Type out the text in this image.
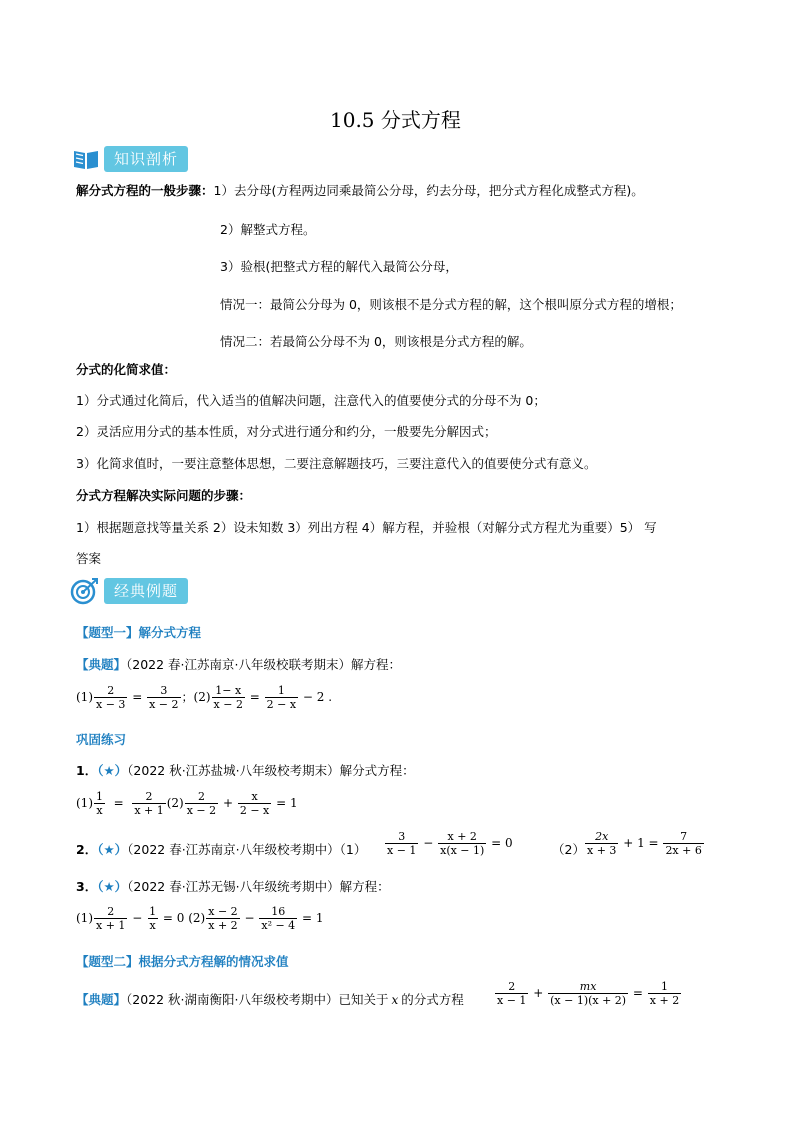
10.5 分式方程
知识剖析
解分式方程的一般步骤：1）去分母(方程两边同乘最简公分母，约去分母，把分式方程化成整式方程)。
2）解整式方程。
3）验根(把整式方程的解代入最简公分母，
情况一：最简公分母为 0，则该根不是分式方程的解，这个根叫原分式方程的增根；
情况二：若最简公分母不为 0，则该根是分式方程的解。
分式的化简求值：
1）分式通过化简后，代入适当的值解决问题，注意代入的值要使分式的分母不为 0；
2）灵活应用分式的基本性质，对分式进行通分和约分，一般要先分解因式；
3）化简求值时，一要注意整体思想，二要注意解题技巧，三要注意代入的值要使分式有意义。
分式方程解决实际问题的步骤：
1）根据题意找等量关系 2）设未知数 3）列出方程 4）解方程，并验根（对解分式方程尤为重要）5） 写
答案
经典例题
【题型一】解分式方程
【典题】（2022 春·江苏南京·八年级校联考期末）解方程：
$(1) \frac{2}{x - 3} = \frac{3}{x - 2}$ ；$(2) \frac{1- x}{x - 2} = \frac{1}{2 - x} - 2$ .
巩固练习
1．（★）（2022 秋·江苏盐城·八年级校考期末）解分式方程：
$(1) \frac{1}{x} = \frac{2}{x + 1} (2) \frac{2}{x - 2} + \frac{x}{2 - x} = 1$
2．（★）（2022 春·江苏南京·八年级校考期中）$(1) \frac{3}{x - 1} - \frac{x + 2}{x(x - 1)} = 0$	$(2) \frac{2x}{x + 3} + 1 = \frac{7}{2x + 6}$
3．（★）（2022 春·江苏无锡·八年级统考期中）解方程：
$(1) \frac{2}{x + 1} - \frac{1}{x} = 0$ $(2) \frac{x - 2}{x + 2} - \frac{16}{\text{x² − 4}} = 1$
【题型二】根据分式方程解的情况求值
【典题】（2022 秋·湖南衡阳·八年级校考期中）已知关于 x 的分式方程	$\frac{2}{x - 1} + \frac{mx}{(x - 1)(x + 2)} = \frac{1}{x + 2}$
